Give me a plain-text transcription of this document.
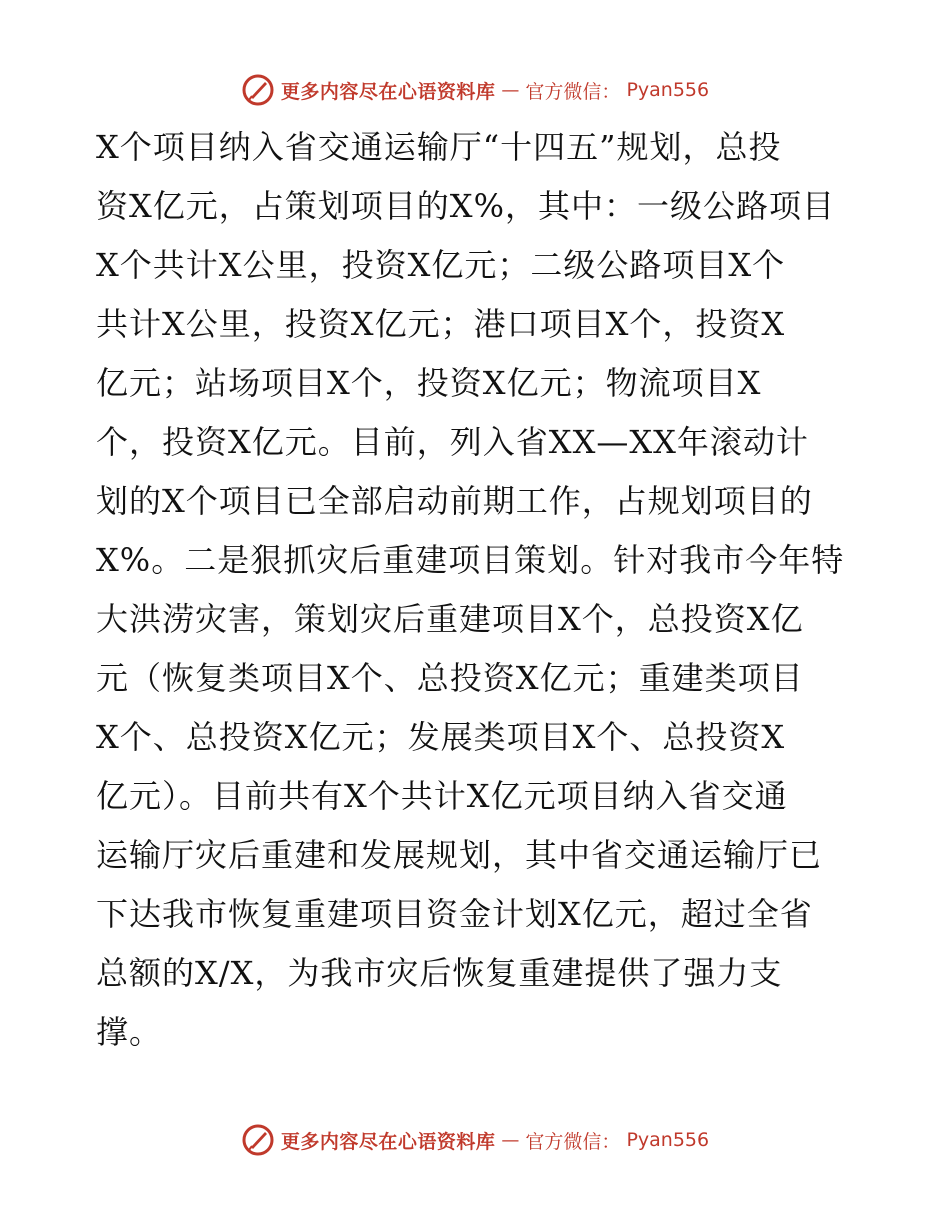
更多内容尽在心语资料库 — 官方微信： Pyan556
X个项目纳入省交通运输厅“十四五”规划，总投
资X亿元，占策划项目的X%，其中：一级公路项目
X个共计X公里，投资X亿元；二级公路项目X个
共计X公里，投资X亿元；港口项目X个，投资X
亿元；站场项目X个，投资X亿元；物流项目X
个，投资X亿元。目前，列入省XX—XX年滚动计
划的X个项目已全部启动前期工作，占规划项目的
X%。二是狠抓灾后重建项目策划。针对我市今年特
大洪涝灾害，策划灾后重建项目X个，总投资X亿
元（恢复类项目X个、总投资X亿元；重建类项目
X个、总投资X亿元；发展类项目X个、总投资X
亿元）。目前共有X个共计X亿元项目纳入省交通
运输厅灾后重建和发展规划，其中省交通运输厅已
下达我市恢复重建项目资金计划X亿元，超过全省
总额的X/X，为我市灾后恢复重建提供了强力支
撑。
更多内容尽在心语资料库 — 官方微信： Pyan556
